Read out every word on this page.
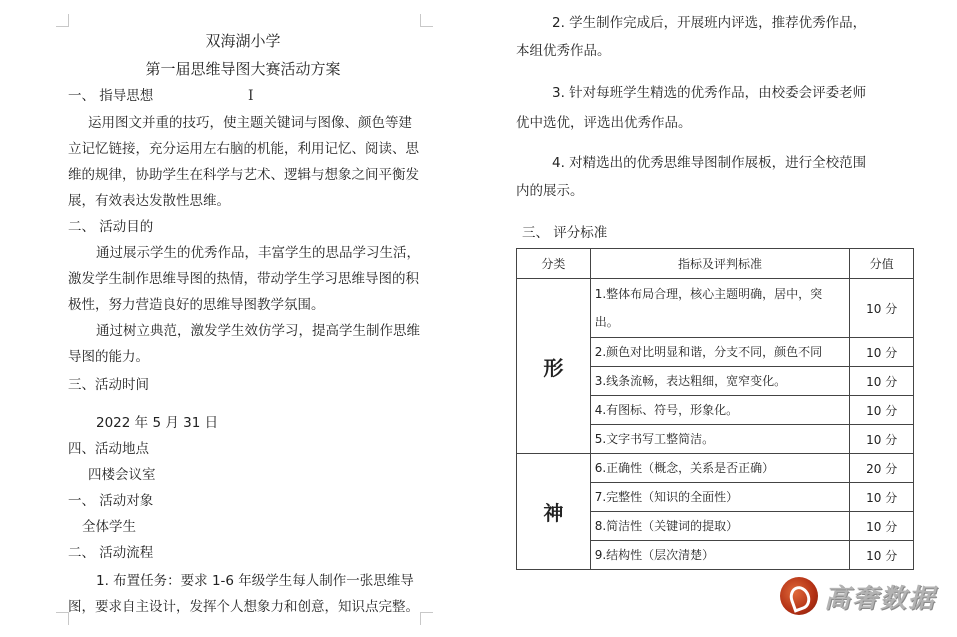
双海湖小学
第一届思维导图大赛活动方案
I
一、 指导思想
运用图文并重的技巧，使主题关键词与图像、颜色等建
立记忆链接，充分运用左右脑的机能，利用记忆、阅读、思
维的规律，协助学生在科学与艺术、逻辑与想象之间平衡发
展，有效表达发散性思维。
二、 活动目的
通过展示学生的优秀作品，丰富学生的思品学习生活，
激发学生制作思维导图的热情，带动学生学习思维导图的积
极性，努力营造良好的思维导图教学氛围。
通过树立典范，激发学生效仿学习，提高学生制作思维
导图的能力。
三、活动时间
2022 年 5 月 31 日
四、活动地点
四楼会议室
一、 活动对象
全体学生
二、 活动流程
1. 布置任务：要求 1-6 年级学生每人制作一张思维导
图，要求自主设计，发挥个人想象力和创意，知识点完整。
2. 学生制作完成后，开展班内评选，推荐优秀作品，
本组优秀作品。
3. 针对每班学生精选的优秀作品，由校委会评委老师
优中选优，评选出优秀作品。
4. 对精选出的优秀思维导图制作展板，进行全校范围
内的展示。
三、 评分标准
分类	指标及评判标准	分值
形	1.整体布局合理，核心主题明确，居中，突
出。	10 分
	2.颜色对比明显和谐，分支不同，颜色不同	10 分
	3.线条流畅，表达粗细，宽窄变化。	10 分
	4.有图标、符号，形象化。	10 分
	5.文字书写工整简洁。	10 分
神	6.正确性（概念，关系是否正确）	20 分
	7.完整性（知识的全面性）	10 分
	8.简洁性（关键词的提取）	10 分
	9.结构性（层次清楚）	10 分
高奢数据
